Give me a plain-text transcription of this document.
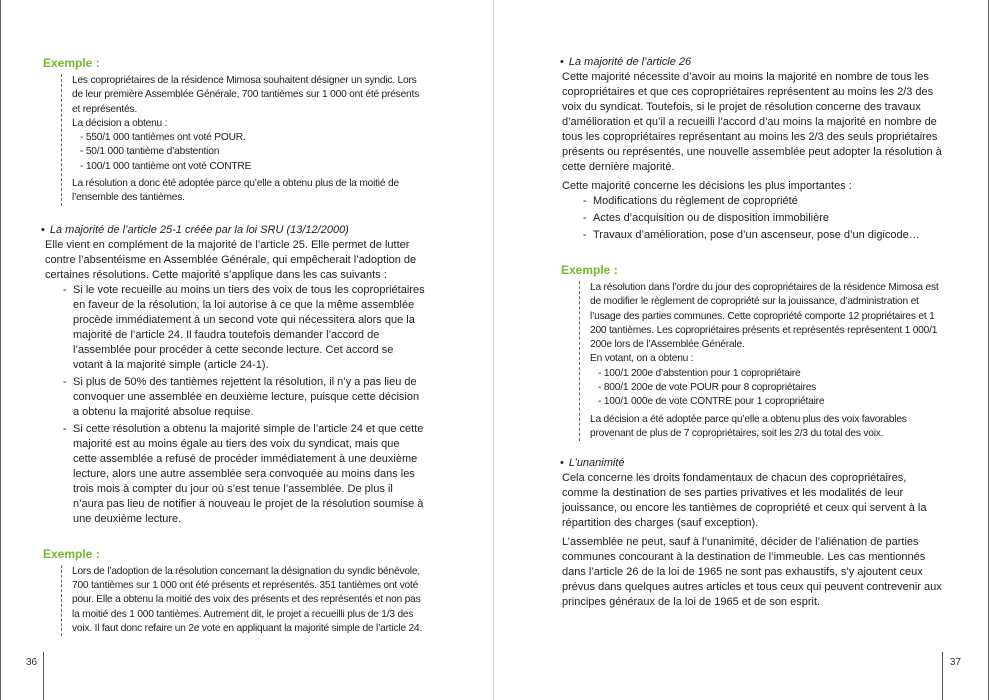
Exemple :

Les copropriétaires de la résidence Mimosa souhaitent désigner un syndic. Lors de leur première Assemblée Générale, 700 tantièmes sur 1 000 ont été présents et représentés.

La décision a obtenu :

- 550/1 000 tantièmes ont voté POUR.
- 50/1 000 tantième d’abstention
- 100/1 000 tantième ont voté CONTRE

La résolution a donc été adoptée parce qu’elle a obtenu plus de la moitié de l’ensemble des tantièmes.

• La majorité de l’article 25-1 créée par la loi SRU (13/12/2000)

Elle vient en complément de la majorité de l’article 25. Elle permet de lutter contre l’absentéisme en Assemblée Générale, qui empêcherait l’adoption de certaines résolutions. Cette majorité s’applique dans les cas suivants :

- Si le vote recueille au moins un tiers des voix de tous les copropriétaires en faveur de la résolution, la loi autorise à ce que la même assemblée procède immédiatement à un second vote qui nécessitera alors que la majorité de l’article 24. Il faudra toutefois demander l’accord de l’assemblée pour procéder à cette seconde lecture. Cet accord se votant à la majorité simple (article 24-1).
- Si plus de 50% des tantièmes rejettent la résolution, il n’y a pas lieu de convoquer une assemblée en deuxième lecture, puisque cette décision a obtenu la majorité absolue requise.
- Si cette résolution a obtenu la majorité simple de l’article 24 et que cette majorité est au moins égale au tiers des voix du syndicat, mais que cette assemblée a refusé de procéder immédiatement à une deuxième lecture, alors une autre assemblée sera convoquée au moins dans les trois mois à compter du jour où s’est tenue l’assemblée. De plus il n’aura pas lieu de notifier à nouveau le projet de la résolution soumise à une deuxième lecture.
Exemple :

Lors de l’adoption de la résolution concernant la désignation du syndic bénévole, 700 tantièmes sur 1 000 ont été présents et représentés. 351 tantièmes ont voté pour. Elle a obtenu la moitié des voix des présents et des représentés et non pas la moitié des 1 000 tantièmes. Autrement dit, le projet a recueilli plus de 1/3 des voix. Il faut donc refaire un 2e vote en appliquant la majorité simple de l’article 24.

36
• La majorité de l’article 26

Cette majorité nécessite d’avoir au moins la majorité en nombre de tous les copropriétaires et que ces copropriétaires représentent au moins les 2/3 des voix du syndicat. Toutefois, si le projet de résolution concerne des travaux d’amélioration et qu’il a recueilli l’accord d’au moins la majorité en nombre de tous les copropriétaires représentant au moins les 2/3 des seuls propriétaires présents ou représentés, une nouvelle assemblée peut adopter la résolution à cette dernière majorité.

Cette majorité concerne les décisions les plus importantes :

- Modifications du règlement de copropriété
- Actes d’acquisition ou de disposition immobilière
- Travaux d’amélioration, pose d’un ascenseur, pose d’un digicode…
Exemple :

La résolution dans l’ordre du jour des copropriétaires de la résidence Mimosa est de modifier le règlement de copropriété sur la jouissance, d’administration et l’usage des parties communes. Cette copropriété comporte 12 propriétaires et 1 200 tantièmes. Les copropriétaires présents et représentés représentent 1 000/1 200e lors de l’Assemblée Générale.

En votant, on a obtenu :

- 100/1 200e d’abstention pour 1 copropriétaire
- 800/1 200e de vote POUR pour 8 copropriétaires
- 100/1 000e de vote CONTRE pour 1 copropriétaire

La décision a été adoptée parce qu’elle a obtenu plus des voix favorables provenant de plus de 7 copropriétaires, soit les 2/3 du total des voix.

• L’unanimité

Cela concerne les droits fondamentaux de chacun des copropriétaires, comme la destination de ses parties privatives et les modalités de leur jouissance, ou encore les tantièmes de copropriété et ceux qui servent à la répartition des charges (sauf exception).

L’assemblée ne peut, sauf à l’unanimité, décider de l’aliénation de parties communes concourant à la destination de l’immeuble. Les cas mentionnés dans l’article 26 de la loi de 1965 ne sont pas exhaustifs, s’y ajoutent ceux prévus dans quelques autres articles et tous ceux qui peuvent contrevenir aux principes généraux de la loi de 1965 et de son esprit.

37
